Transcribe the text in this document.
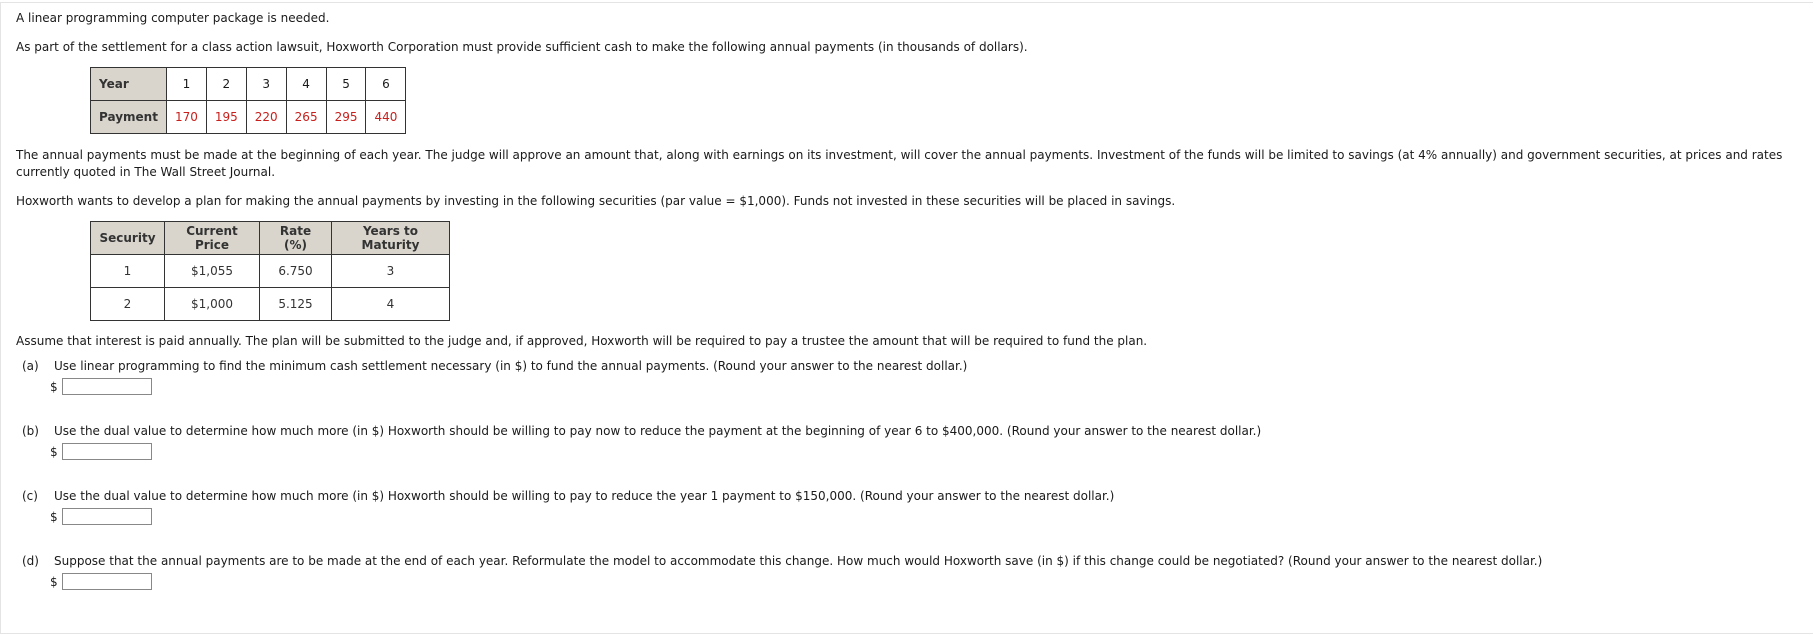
A linear programming computer package is needed.

As part of the settlement for a class action lawsuit, Hoxworth Corporation must provide sufficient cash to make the following annual payments (in thousands of dollars).

Year	1	2	3	4	5	6
Payment	170	195	220	265	295	440

The annual payments must be made at the beginning of each year. The judge will approve an amount that, along with earnings on its investment, will cover the annual payments. Investment of the funds will be limited to savings (at 4% annually) and government securities, at prices and rates currently quoted in The Wall Street Journal.

Hoxworth wants to develop a plan for making the annual payments by investing in the following securities (par value = $1,000). Funds not invested in these securities will be placed in savings.

Security	Current Price	Rate (%)	Years to Maturity
1	$1,055	6.750	3
2	$1,000	5.125	4

Assume that interest is paid annually. The plan will be submitted to the judge and, if approved, Hoxworth will be required to pay a trustee the amount that will be required to fund the plan.

(a)	Use linear programming to find the minimum cash settlement necessary (in $) to fund the annual payments. (Round your answer to the nearest dollar.)
$
(b)	Use the dual value to determine how much more (in $) Hoxworth should be willing to pay now to reduce the payment at the beginning of year 6 to $400,000. (Round your answer to the nearest dollar.)
$
(c)	Use the dual value to determine how much more (in $) Hoxworth should be willing to pay to reduce the year 1 payment to $150,000. (Round your answer to the nearest dollar.)
$
(d)	Suppose that the annual payments are to be made at the end of each year. Reformulate the model to accommodate this change. How much would Hoxworth save (in $) if this change could be negotiated? (Round your answer to the nearest dollar.)
$
